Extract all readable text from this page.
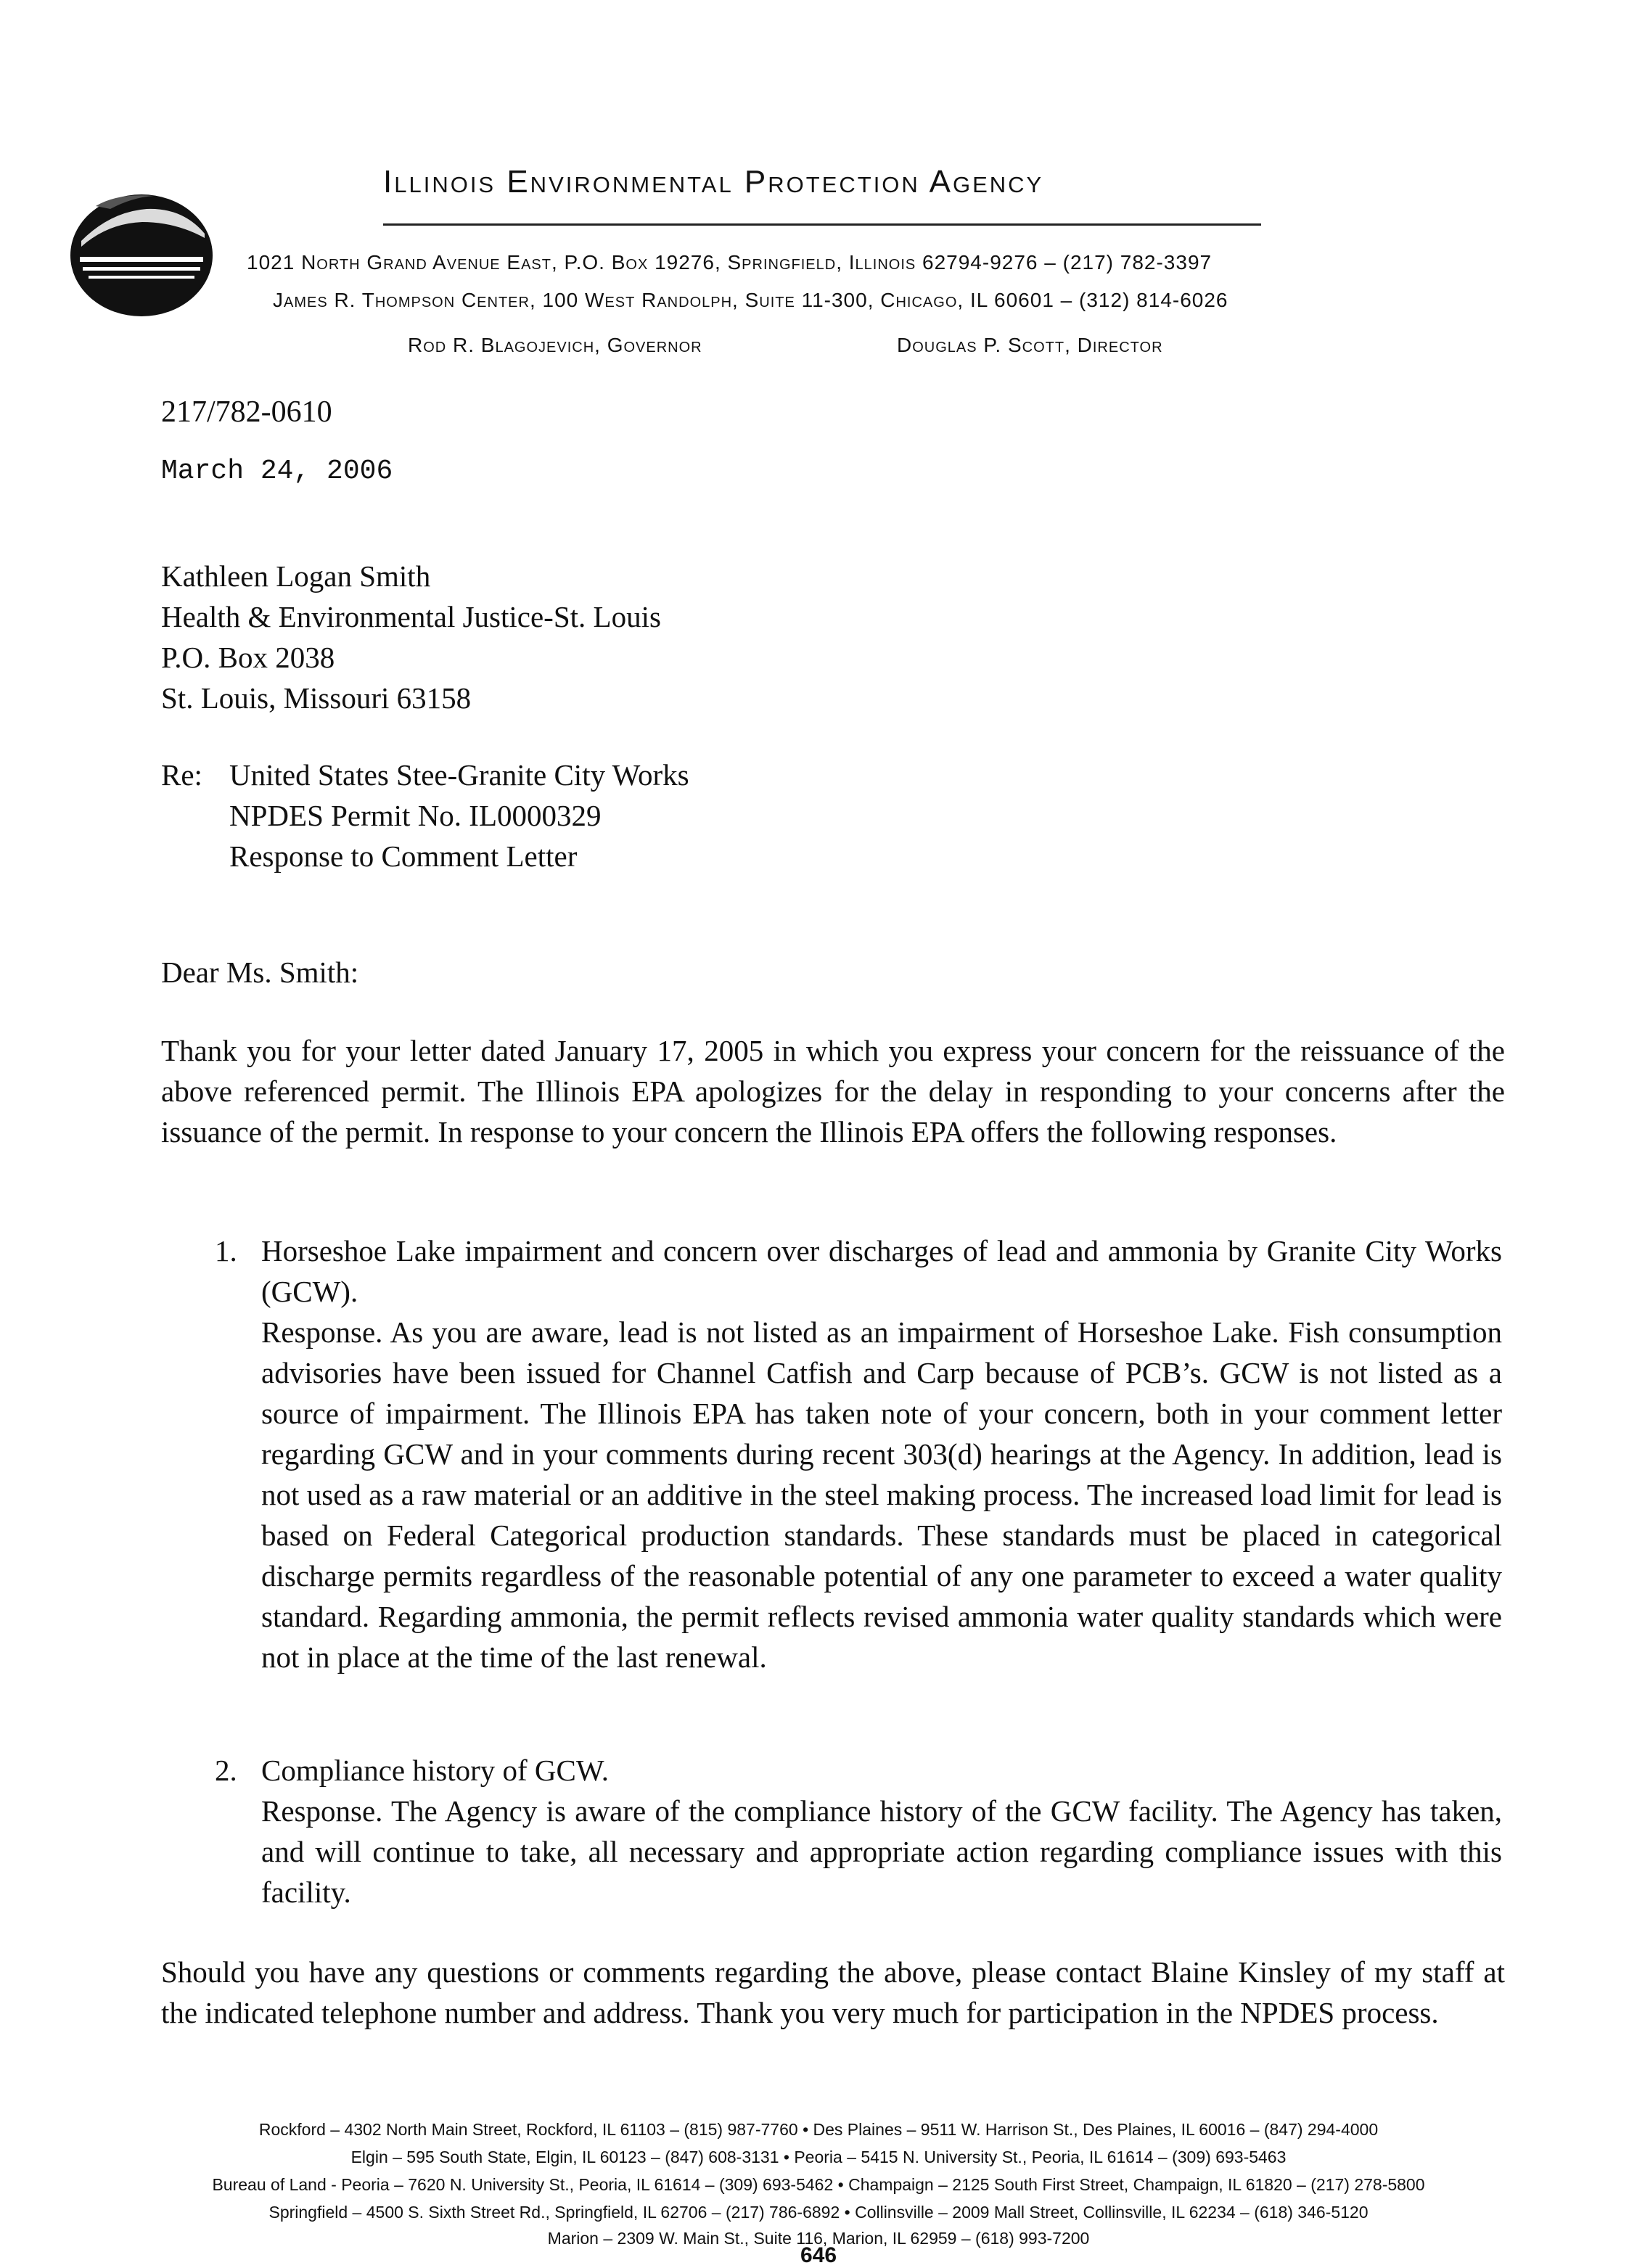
Illinois Environmental Protection Agency
1021 North Grand Avenue East, P.O. Box 19276, Springfield, Illinois 62794-9276 – (217) 782-3397
James R. Thompson Center, 100 West Randolph, Suite 11-300, Chicago, IL 60601 – (312) 814-6026
Rod R. Blagojevich, Governor	Douglas P. Scott, Director
217/782-0610
March 24, 2006
Kathleen Logan Smith
Health & Environmental Justice-St. Louis
P.O. Box 2038
St. Louis, Missouri 63158
Re: United States Stee-Granite City Works
NPDES Permit No. IL0000329
Response to Comment Letter
Dear Ms. Smith:
Thank you for your letter dated January 17, 2005 in which you express your concern for the reissuance of the above referenced permit. The Illinois EPA apologizes for the delay in responding to your concerns after the issuance of the permit. In response to your concern the Illinois EPA offers the following responses.
1. Horseshoe Lake impairment and concern over discharges of lead and ammonia by Granite City Works (GCW).
Response. As you are aware, lead is not listed as an impairment of Horseshoe Lake. Fish consumption advisories have been issued for Channel Catfish and Carp because of PCB’s. GCW is not listed as a source of impairment. The Illinois EPA has taken note of your concern, both in your comment letter regarding GCW and in your comments during recent 303(d) hearings at the Agency. In addition, lead is not used as a raw material or an additive in the steel making process. The increased load limit for lead is based on Federal Categorical production standards. These standards must be placed in categorical discharge permits regardless of the reasonable potential of any one parameter to exceed a water quality standard. Regarding ammonia, the permit reflects revised ammonia water quality standards which were not in place at the time of the last renewal.
2. Compliance history of GCW.
Response. The Agency is aware of the compliance history of the GCW facility. The Agency has taken, and will continue to take, all necessary and appropriate action regarding compliance issues with this facility.
Should you have any questions or comments regarding the above, please contact Blaine Kinsley of my staff at the indicated telephone number and address. Thank you very much for participation in the NPDES process.
Rockford – 4302 North Main Street, Rockford, IL 61103 – (815) 987-7760 • Des Plaines – 9511 W. Harrison St., Des Plaines, IL 60016 – (847) 294-4000
Elgin – 595 South State, Elgin, IL 60123 – (847) 608-3131 • Peoria – 5415 N. University St., Peoria, IL 61614 – (309) 693-5463
Bureau of Land - Peoria – 7620 N. University St., Peoria, IL 61614 – (309) 693-5462 • Champaign – 2125 South First Street, Champaign, IL 61820 – (217) 278-5800
Springfield – 4500 S. Sixth Street Rd., Springfield, IL 62706 – (217) 786-6892 • Collinsville – 2009 Mall Street, Collinsville, IL 62234 – (618) 346-5120
Marion – 2309 W. Main St., Suite 116, Marion, IL 62959 – (618) 993-7200
646
